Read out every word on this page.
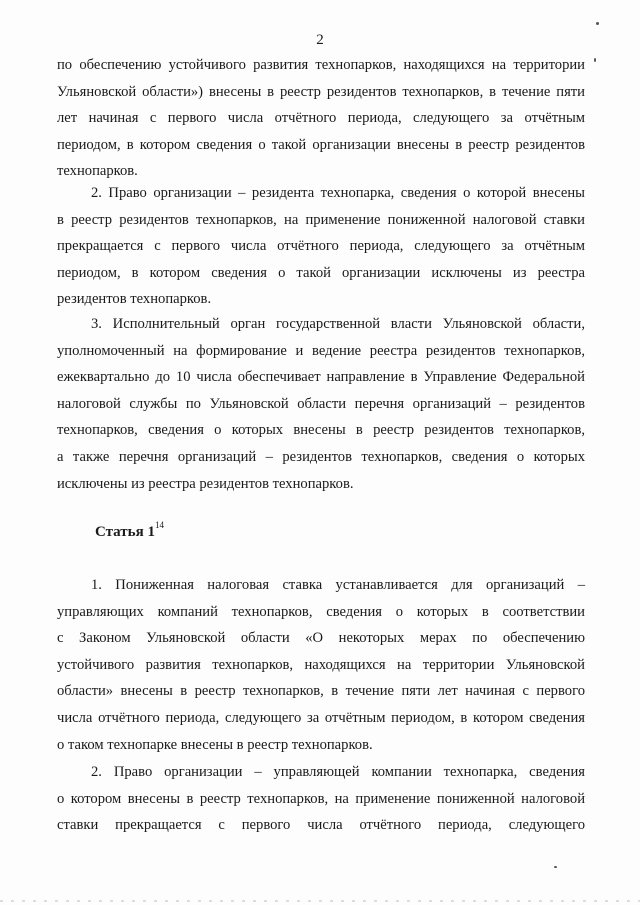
2
по обеспечению устойчивого развития технопарков, находящихся на территории
Ульяновской области») внесены в реестр резидентов технопарков, в течение пяти
лет начиная с первого числа отчётного периода, следующего за отчётным
периодом, в котором сведения о такой организации внесены в реестр резидентов
технопарков.
2. Право организации – резидента технопарка, сведения о которой внесены
в реестр резидентов технопарков, на применение пониженной налоговой ставки
прекращается с первого числа отчётного периода, следующего за отчётным
периодом, в котором сведения о такой организации исключены из реестра
резидентов технопарков.
3. Исполнительный орган государственной власти Ульяновской области,
уполномоченный на формирование и ведение реестра резидентов технопарков,
ежеквартально до 10 числа обеспечивает направление в Управление Федеральной
налоговой службы по Ульяновской области перечня организаций – резидентов
технопарков, сведения о которых внесены в реестр резидентов технопарков,
а также перечня организаций – резидентов технопарков, сведения о которых
исключены из реестра резидентов технопарков.
Статья $1^{14}$
1. Пониженная налоговая ставка устанавливается для организаций –
управляющих компаний технопарков, сведения о которых в соответствии
с Законом Ульяновской области «О некоторых мерах по обеспечению
устойчивого развития технопарков, находящихся на территории Ульяновской
области» внесены в реестр технопарков, в течение пяти лет начиная с первого
числа отчётного периода, следующего за отчётным периодом, в котором сведения
о таком технопарке внесены в реестр технопарков.
2. Право организации – управляющей компании технопарка, сведения
о котором внесены в реестр технопарков, на применение пониженной налоговой
ставки прекращается с первого числа отчётного периода, следующего
